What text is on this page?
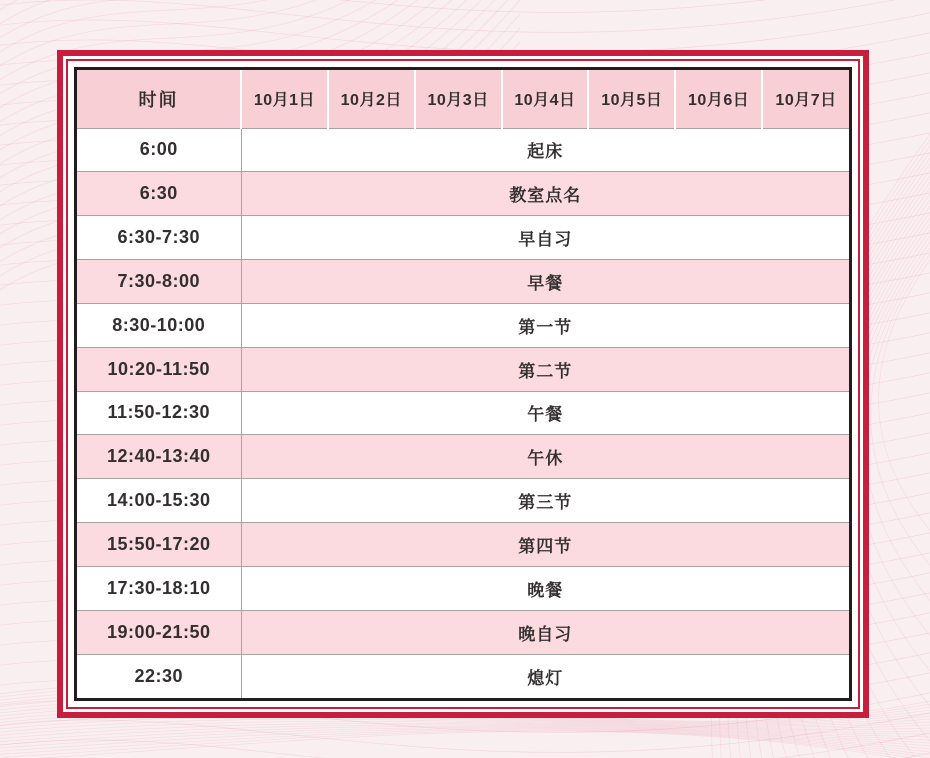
时间	10月1日	10月2日	10月3日	10月4日	10月5日	10月6日	10月7日
6:00	起床						
6:30	教室点名						
6:30-7:30	早自习						
7:30-8:00	早餐						
8:30-10:00	第一节						
10:20-11:50	第二节						
11:50-12:30	午餐						
12:40-13:40	午休						
14:00-15:30	第三节						
15:50-17:20	第四节						
17:30-18:10	晚餐						
19:00-21:50	晚自习						
22:30	熄灯						
